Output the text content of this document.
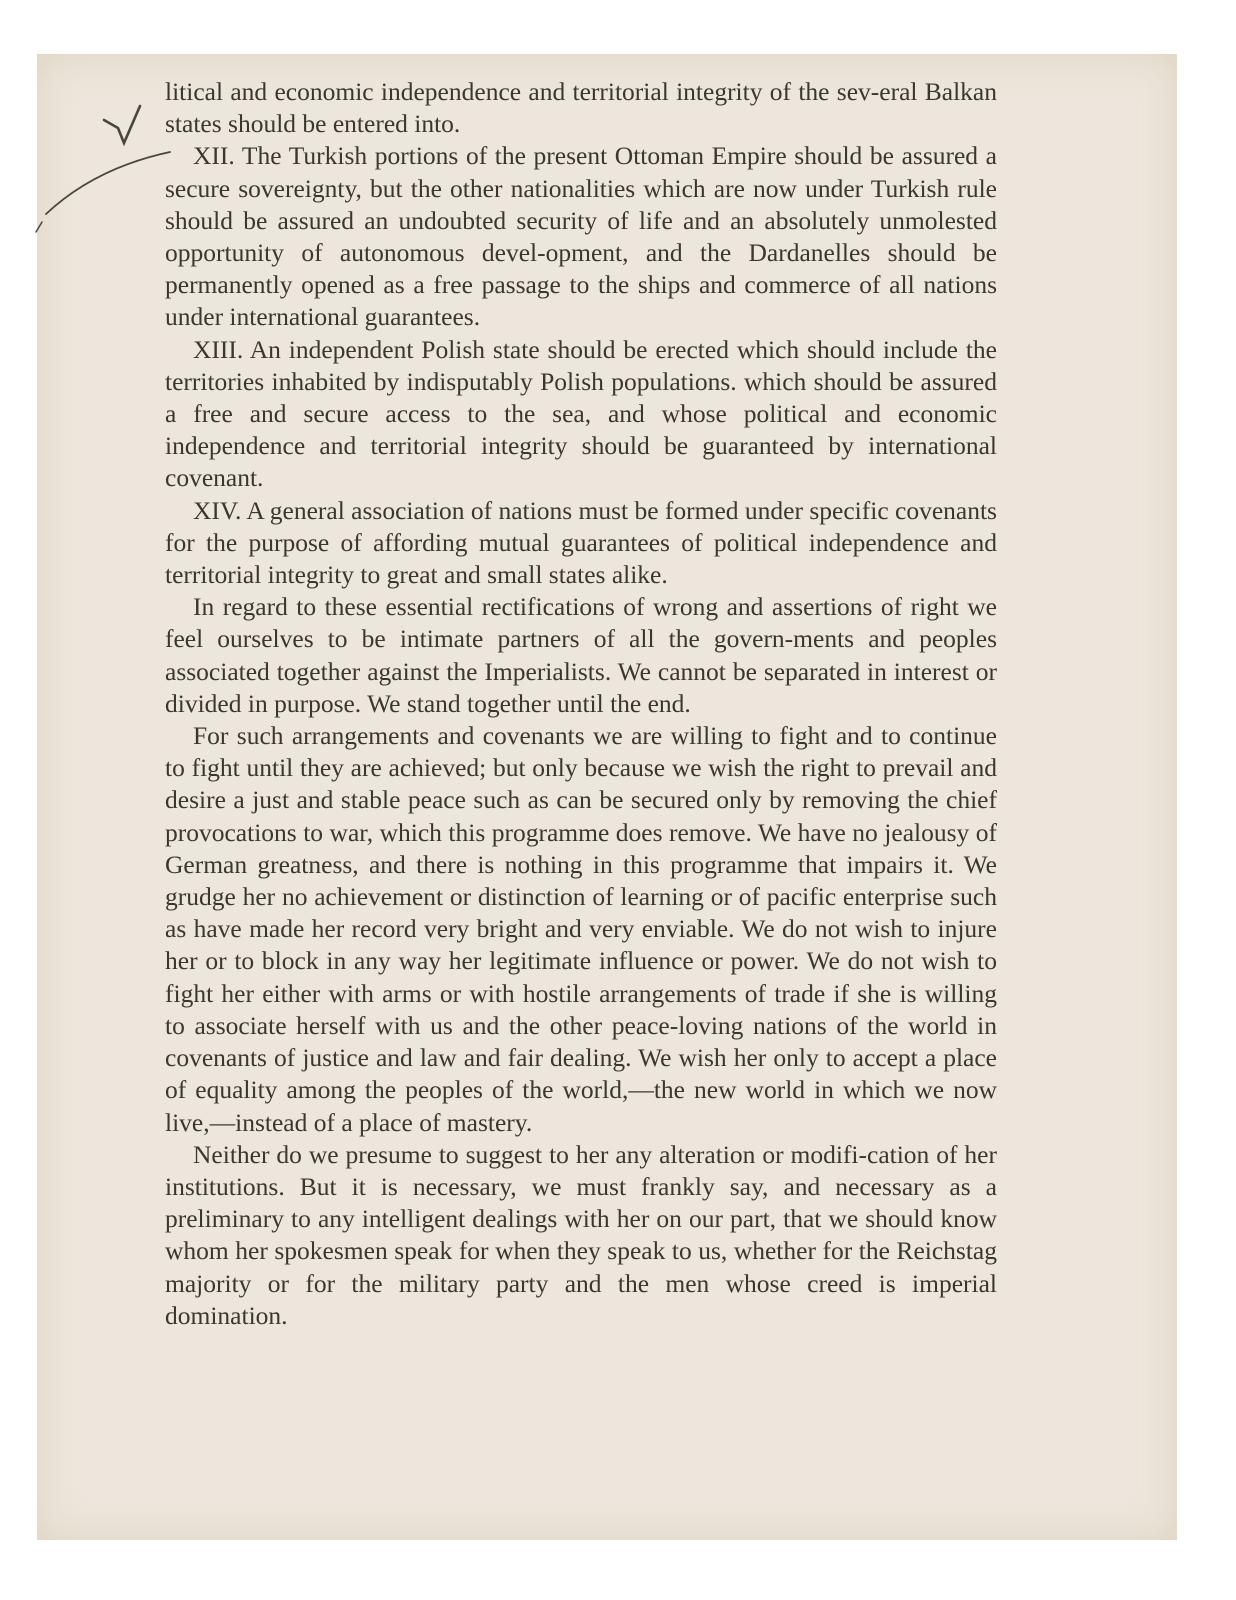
litical and economic independence and territorial integrity of the sev-eral Balkan states should be entered into.

XII. The Turkish portions of the present Ottoman Empire should be assured a secure sovereignty, but the other nationalities which are now under Turkish rule should be assured an undoubted security of life and an absolutely unmolested opportunity of autonomous devel-opment, and the Dardanelles should be permanently opened as a free passage to the ships and commerce of all nations under international guarantees.

XIII. An independent Polish state should be erected which should include the territories inhabited by indisputably Polish populations. which should be assured a free and secure access to the sea, and whose political and economic independence and territorial integrity should be guaranteed by international covenant.

XIV. A general association of nations must be formed under specific covenants for the purpose of affording mutual guarantees of political independence and territorial integrity to great and small states alike.

In regard to these essential rectifications of wrong and assertions of right we feel ourselves to be intimate partners of all the govern-ments and peoples associated together against the Imperialists. We cannot be separated in interest or divided in purpose. We stand together until the end.

For such arrangements and covenants we are willing to fight and to continue to fight until they are achieved; but only because we wish the right to prevail and desire a just and stable peace such as can be secured only by removing the chief provocations to war, which this programme does remove. We have no jealousy of German greatness, and there is nothing in this programme that impairs it. We grudge her no achievement or distinction of learning or of pacific enterprise such as have made her record very bright and very enviable. We do not wish to injure her or to block in any way her legitimate influence or power. We do not wish to fight her either with arms or with hostile arrangements of trade if she is willing to associate herself with us and the other peace-loving nations of the world in covenants of justice and law and fair dealing. We wish her only to accept a place of equality among the peoples of the world,—the new world in which we now live,—instead of a place of mastery.

Neither do we presume to suggest to her any alteration or modifi-cation of her institutions. But it is necessary, we must frankly say, and necessary as a preliminary to any intelligent dealings with her on our part, that we should know whom her spokesmen speak for when they speak to us, whether for the Reichstag majority or for the military party and the men whose creed is imperial domination.
